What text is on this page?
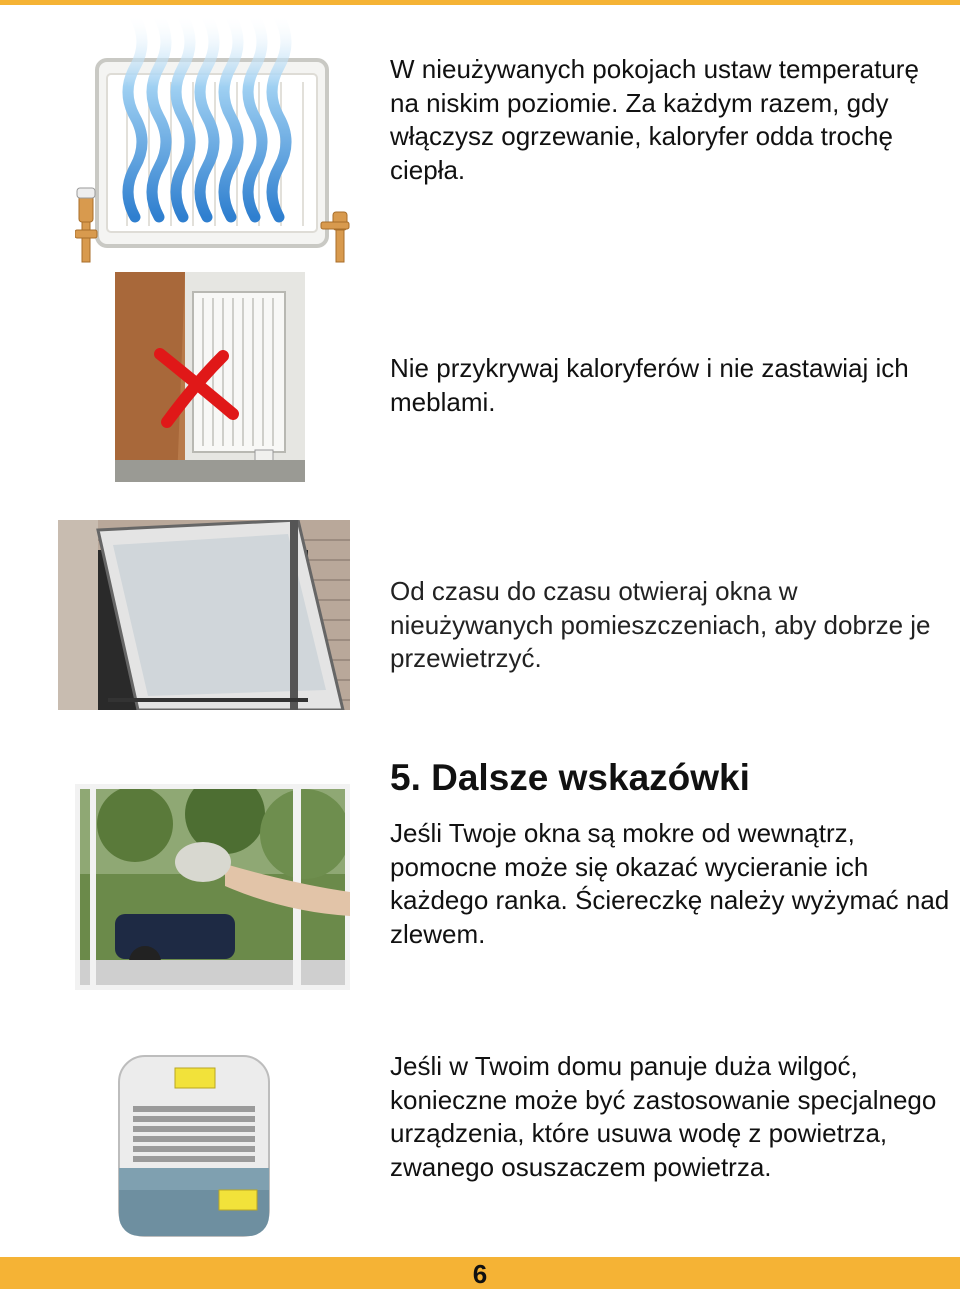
W nieużywanych pokojach ustaw temperaturę na niskim poziomie. Za każdym razem, gdy włączysz ogrzewanie, kaloryfer odda trochę ciepła.
Nie przykrywaj kaloryferów i nie zastawiaj ich meblami.
Od czasu do czasu otwieraj okna w nieużywanych pomieszczeniach, aby dobrze je przewietrzyć.
5. Dalsze wskazówki
Jeśli Twoje okna są mokre od wewnątrz, pomocne może się okazać wycieranie ich każdego ranka. Ściereczkę należy wyżymać nad zlewem.
Jeśli w Twoim domu panuje duża wilgoć, konieczne może być zastosowanie specjalnego urządzenia, które usuwa wodę z powietrza, zwanego osuszaczem powietrza.
6
